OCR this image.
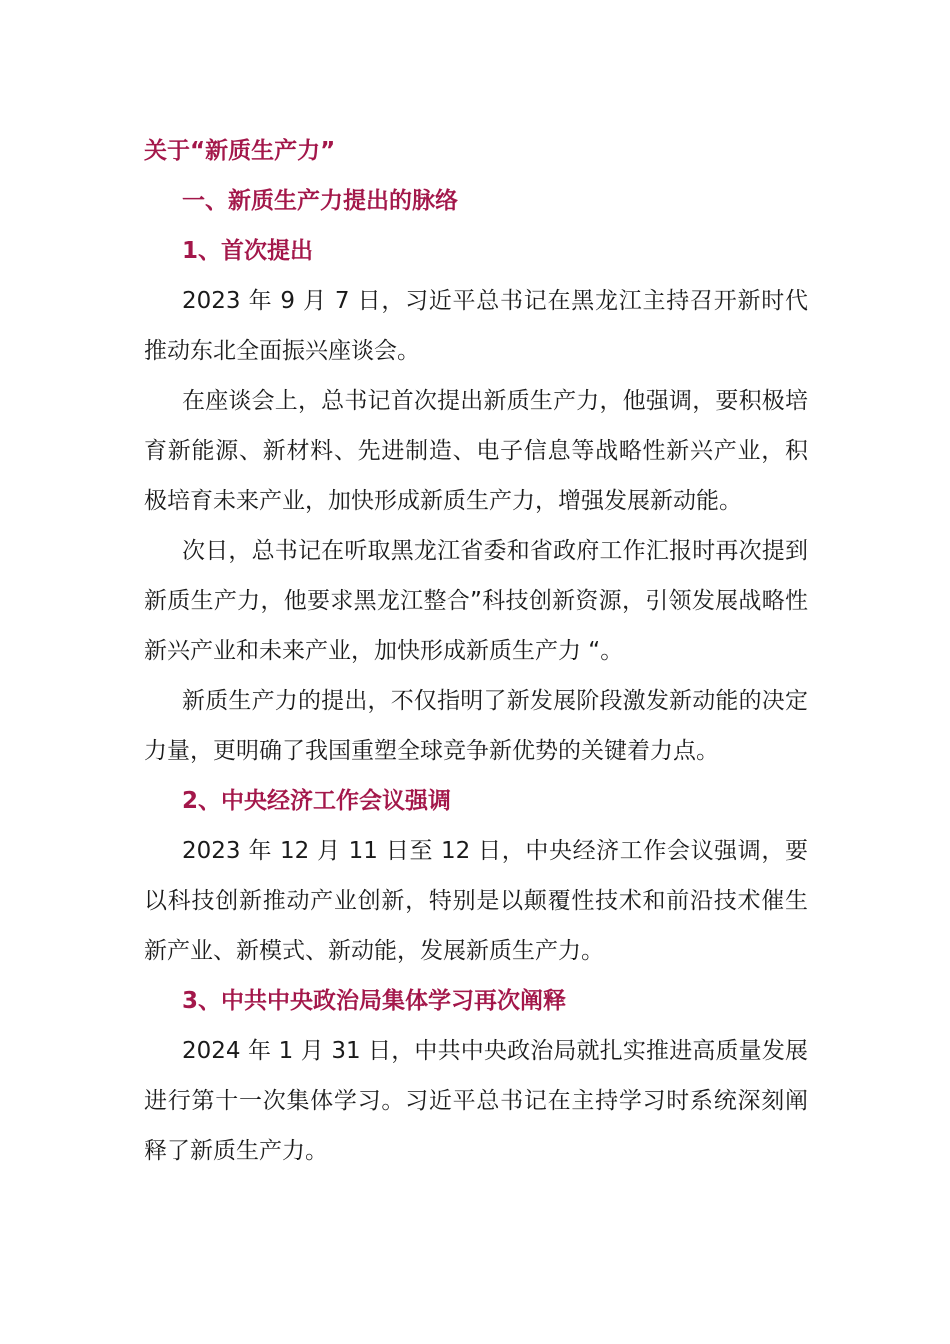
关于“新质生产力”

一、新质生产力提出的脉络

1、首次提出

2023 年 9 月 7 日，习近平总书记在黑龙江主持召开新时代推动东北全面振兴座谈会。

在座谈会上，总书记首次提出新质生产力，他强调，要积极培育新能源、新材料、先进制造、电子信息等战略性新兴产业，积极培育未来产业，加快形成新质生产力，增强发展新动能。

次日，总书记在听取黑龙江省委和省政府工作汇报时再次提到新质生产力，他要求黑龙江整合”科技创新资源，引领发展战略性新兴产业和未来产业，加快形成新质生产力 “。

新质生产力的提出，不仅指明了新发展阶段激发新动能的决定力量，更明确了我国重塑全球竞争新优势的关键着力点。

2、中央经济工作会议强调

2023 年 12 月 11 日至 12 日，中央经济工作会议强调，要以科技创新推动产业创新，特别是以颠覆性技术和前沿技术催生新产业、新模式、新动能，发展新质生产力。

3、中共中央政治局集体学习再次阐释

2024 年 1 月 31 日，中共中央政治局就扎实推进高质量发展进行第十一次集体学习。习近平总书记在主持学习时系统深刻阐释了新质生产力。
